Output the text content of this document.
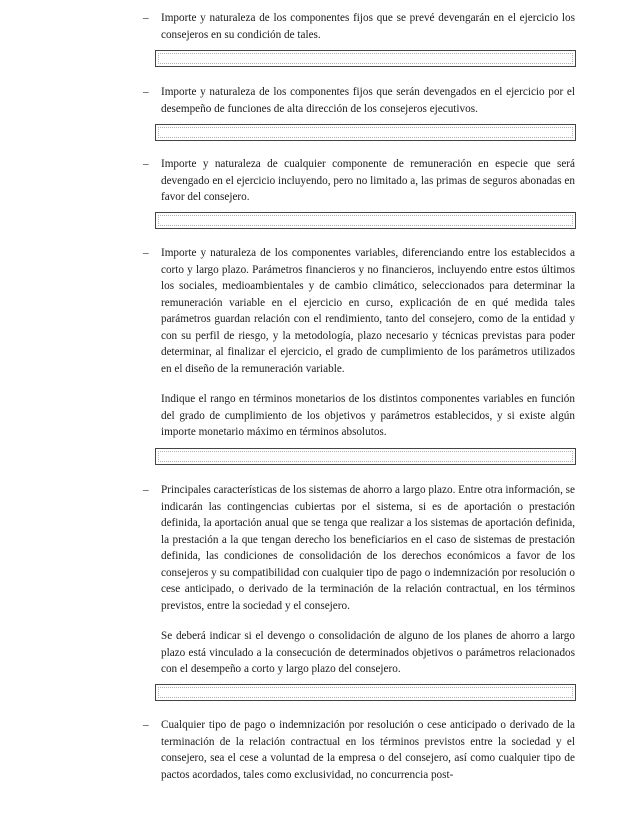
–	Importe y naturaleza de los componentes fijos que se prevé devengarán en el ejercicio los consejeros en su condición de tales.

–	Importe y naturaleza de los componentes fijos que serán devengados en el ejercicio por el desempeño de funciones de alta dirección de los consejeros ejecutivos.

–	Importe y naturaleza de cualquier componente de remuneración en especie que será devengado en el ejercicio incluyendo, pero no limitado a, las primas de seguros abonadas en favor del consejero.

–	Importe y naturaleza de los componentes variables, diferenciando entre los establecidos a corto y largo plazo. Parámetros financieros y no financieros, incluyendo entre estos últimos los sociales, medioambientales y de cambio climático, seleccionados para determinar la remuneración variable en el ejercicio en curso, explicación de en qué medida tales parámetros guardan relación con el rendimiento, tanto del consejero, como de la entidad y con su perfil de riesgo, y la metodología, plazo necesario y técnicas previstas para poder determinar, al finalizar el ejercicio, el grado de cumplimiento de los parámetros utilizados en el diseño de la remuneración variable.

Indique el rango en términos monetarios de los distintos componentes variables en función del grado de cumplimiento de los objetivos y parámetros establecidos, y si existe algún importe monetario máximo en términos absolutos.

–	Principales características de los sistemas de ahorro a largo plazo. Entre otra información, se indicarán las contingencias cubiertas por el sistema, si es de aportación o prestación definida, la aportación anual que se tenga que realizar a los sistemas de aportación definida, la prestación a la que tengan derecho los beneficiarios en el caso de sistemas de prestación definida, las condiciones de consolidación de los derechos económicos a favor de los consejeros y su compatibilidad con cualquier tipo de pago o indemnización por resolución o cese anticipado, o derivado de la terminación de la relación contractual, en los términos previstos, entre la sociedad y el consejero.

Se deberá indicar si el devengo o consolidación de alguno de los planes de ahorro a largo plazo está vinculado a la consecución de determinados objetivos o parámetros relacionados con el desempeño a corto y largo plazo del consejero.

–	Cualquier tipo de pago o indemnización por resolución o cese anticipado o derivado de la terminación de la relación contractual en los términos previstos entre la sociedad y el consejero, sea el cese a voluntad de la empresa o del consejero, así como cualquier tipo de pactos acordados, tales como exclusividad, no concurrencia post-
